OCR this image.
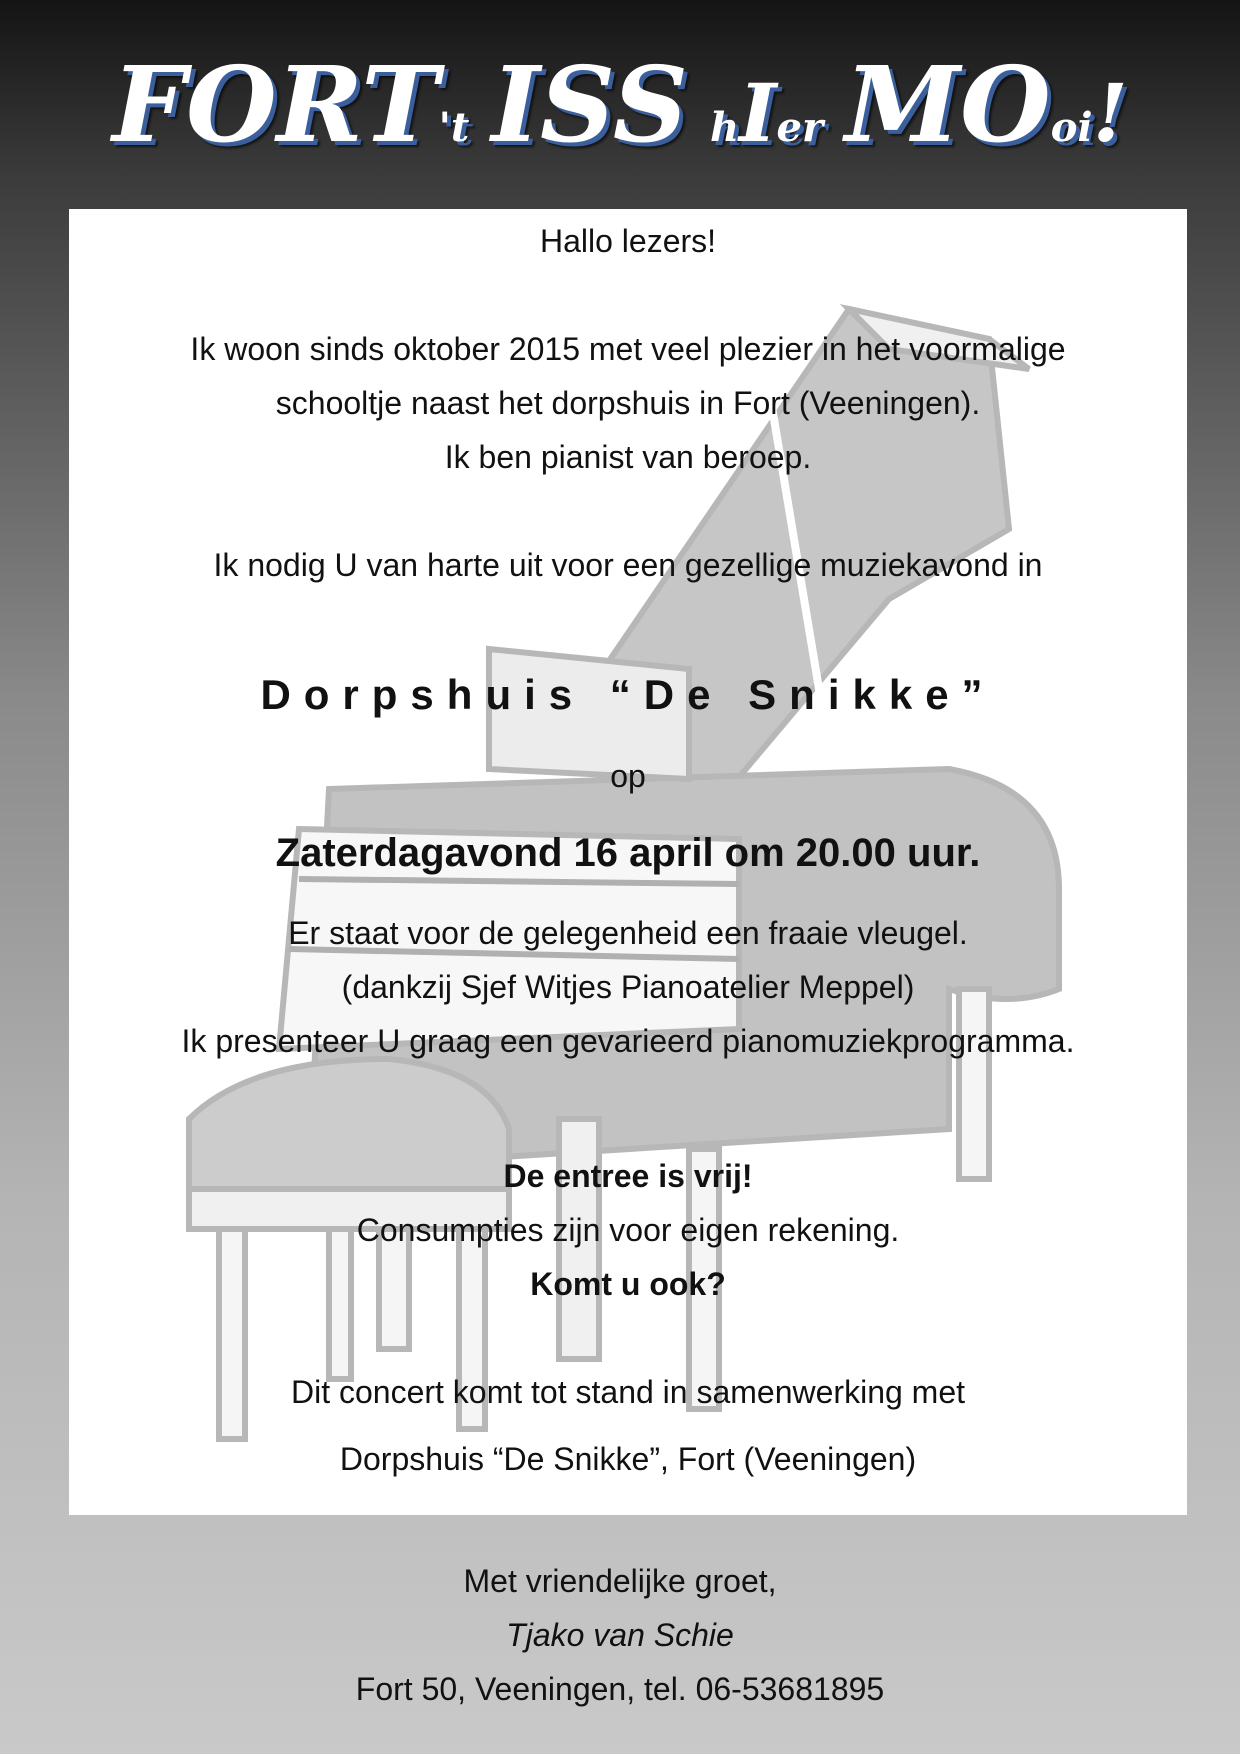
FORT't ISS hIer MOoi!
Hallo lezers!
Ik woon sinds oktober 2015 met veel plezier in het voormalige
schooltje naast het dorpshuis in Fort (Veeningen).
Ik ben pianist van beroep.
Ik nodig U van harte uit voor een gezellige muziekavond in
Dorpshuis “De Snikke”
op
Zaterdagavond 16 april om 20.00 uur.
Er staat voor de gelegenheid een fraaie vleugel.
(dankzij Sjef Witjes Pianoatelier Meppel)
Ik presenteer U graag een gevarieerd pianomuziekprogramma.
De entree is vrij!
Consumpties zijn voor eigen rekening.
Komt u ook?
Dit concert komt tot stand in samenwerking met
Dorpshuis “De Snikke”, Fort (Veeningen)
Met vriendelijke groet,
Tjako van Schie
Fort 50, Veeningen, tel. 06-53681895
